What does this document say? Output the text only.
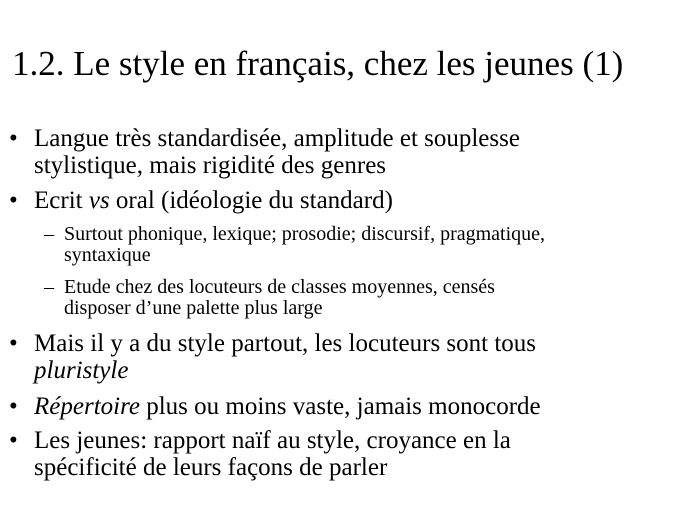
1.2. Le style en français, chez les jeunes (1)
• Langue très standardisée, amplitude et souplesse
stylistique, mais rigidité des genres
• Ecrit vs oral (idéologie du standard)
– Surtout phonique, lexique; prosodie; discursif, pragmatique,
syntaxique
– Etude chez des locuteurs de classes moyennes, censés
disposer d’une palette plus large
• Mais il y a du style partout, les locuteurs sont tous
pluristyle
• Répertoire plus ou moins vaste, jamais monocorde
• Les jeunes: rapport naïf au style, croyance en la
spécificité de leurs façons de parler
